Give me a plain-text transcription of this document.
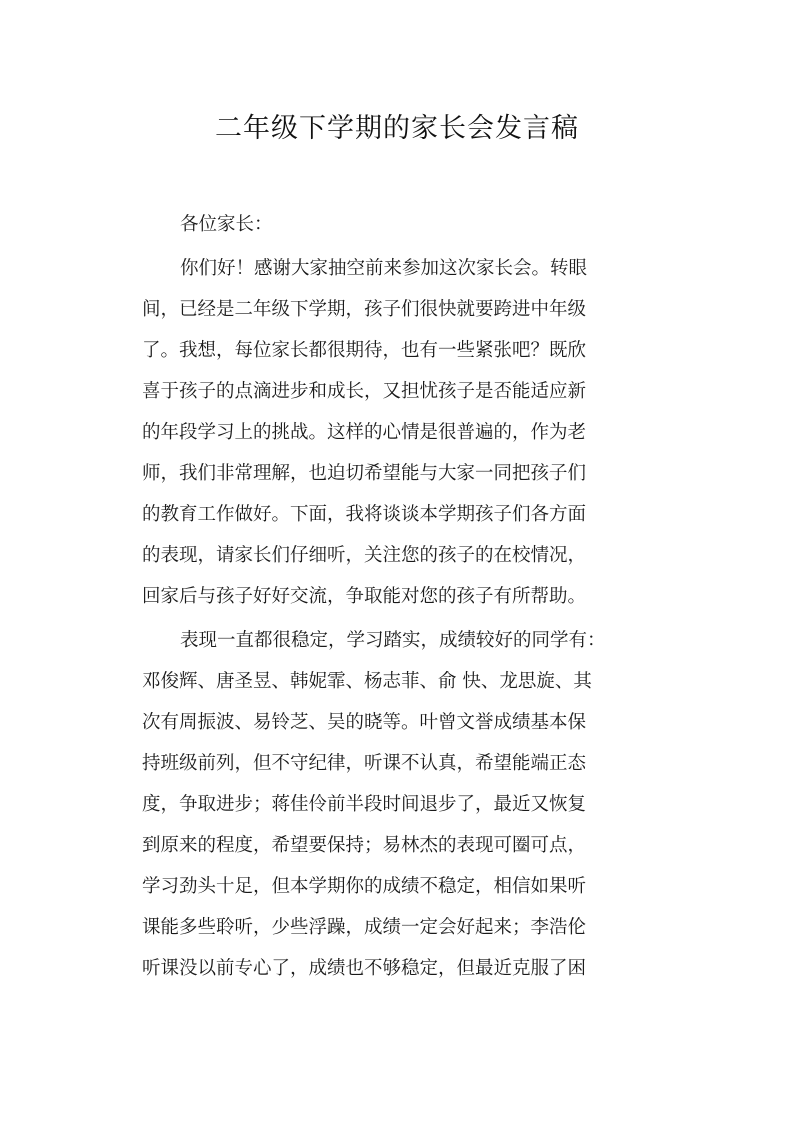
二年级下学期的家长会发言稿
各位家长：
你们好！感谢大家抽空前来参加这次家长会。转眼
间，已经是二年级下学期，孩子们很快就要跨进中年级
了。我想，每位家长都很期待，也有一些紧张吧？既欣
喜于孩子的点滴进步和成长，又担忧孩子是否能适应新
的年段学习上的挑战。这样的心情是很普遍的，作为老
师，我们非常理解，也迫切希望能与大家一同把孩子们
的教育工作做好。下面，我将谈谈本学期孩子们各方面
的表现，请家长们仔细听，关注您的孩子的在校情况，
回家后与孩子好好交流，争取能对您的孩子有所帮助。
表现一直都很稳定，学习踏实，成绩较好的同学有：
邓俊辉、唐圣昱、韩妮霏、杨志菲、俞 快、龙思旋、其
次有周振波、易铃芝、吴的晓等。叶曾文誉成绩基本保
持班级前列，但不守纪律，听课不认真，希望能端正态
度，争取进步；蒋佳伶前半段时间退步了，最近又恢复
到原来的程度，希望要保持；易林杰的表现可圈可点，
学习劲头十足，但本学期你的成绩不稳定，相信如果听
课能多些聆听，少些浮躁，成绩一定会好起来；李浩伦
听课没以前专心了，成绩也不够稳定，但最近克服了困
